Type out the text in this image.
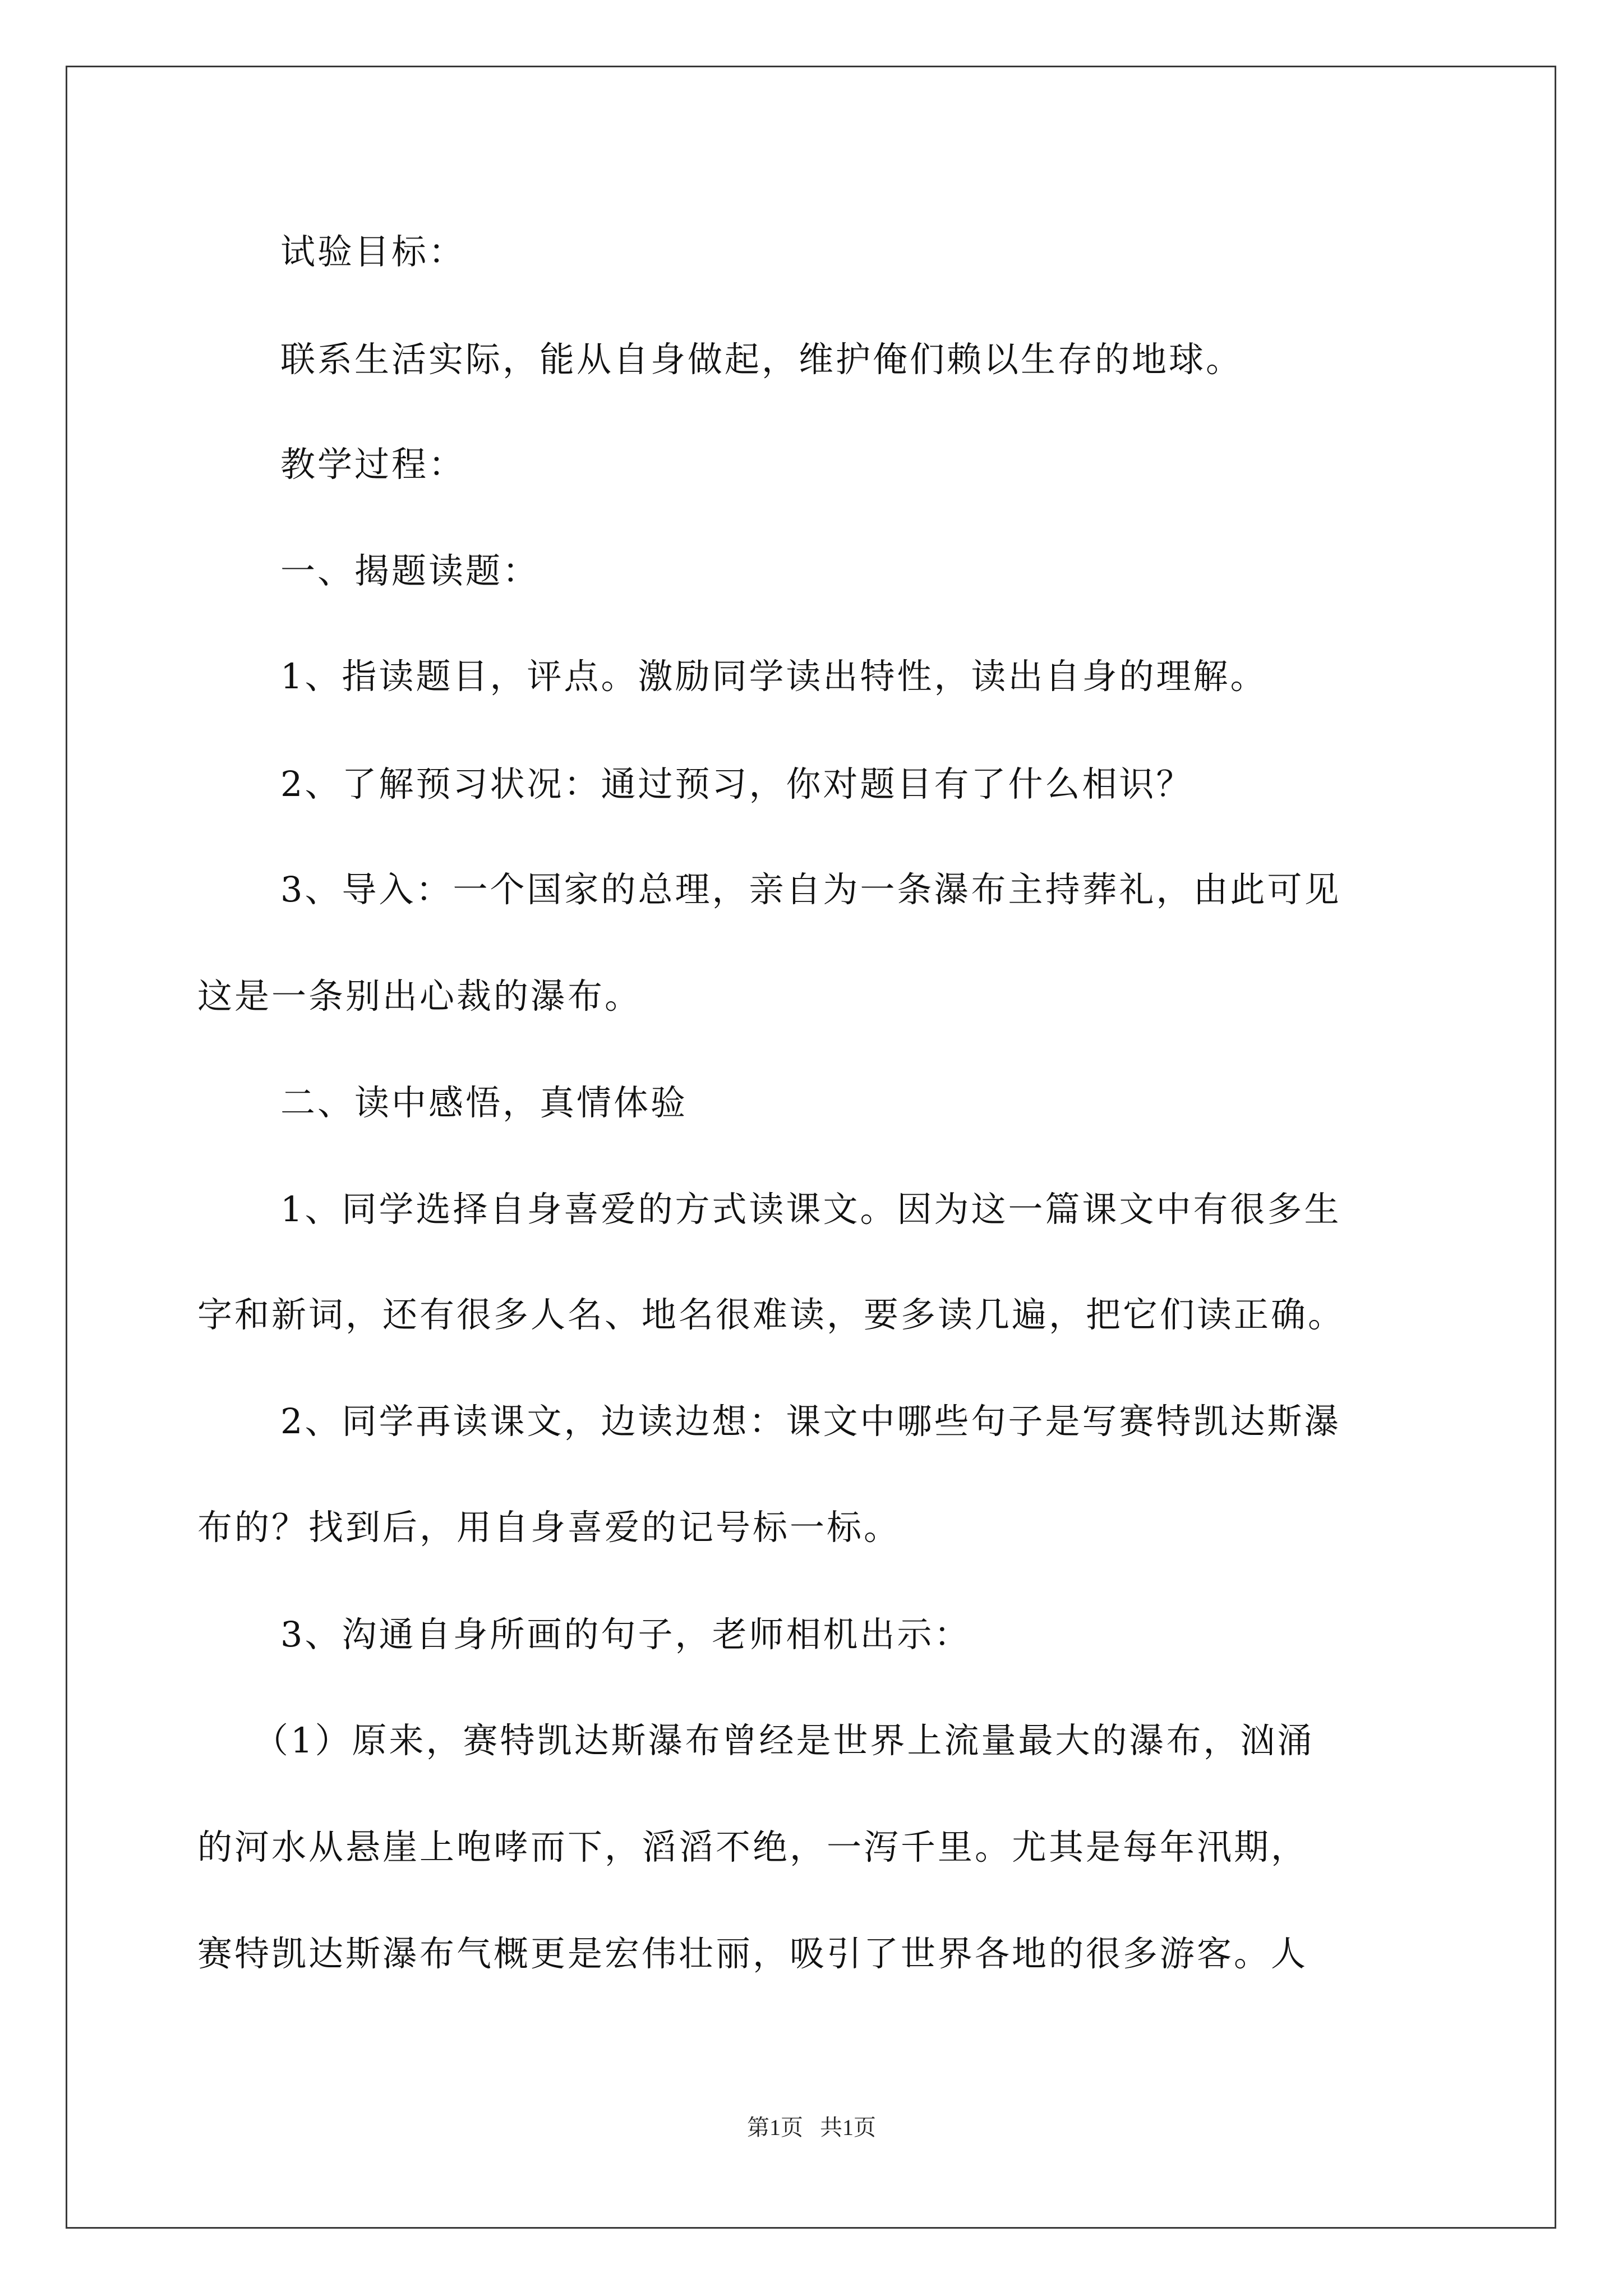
试验目标：

联系生活实际，能从自身做起，维护俺们赖以生存的地球。

教学过程：

一、揭题读题：

1、指读题目，评点。激励同学读出特性，读出自身的理解。

2、了解预习状况：通过预习，你对题目有了什么相识？

3、导入：一个国家的总理，亲自为一条瀑布主持葬礼，由此可见

这是一条别出心裁的瀑布。

二、读中感悟，真情体验

1、同学选择自身喜爱的方式读课文。因为这一篇课文中有很多生

字和新词，还有很多人名、地名很难读，要多读几遍，把它们读正确。

2、同学再读课文，边读边想：课文中哪些句子是写赛特凯达斯瀑

布的？找到后，用自身喜爱的记号标一标。

3、沟通自身所画的句子，老师相机出示：

（1）原来，赛特凯达斯瀑布曾经是世界上流量最大的瀑布，汹涌

的河水从悬崖上咆哮而下，滔滔不绝，一泻千里。尤其是每年汛期，

赛特凯达斯瀑布气概更是宏伟壮丽，吸引了世界各地的很多游客。人

第1页 共1页
